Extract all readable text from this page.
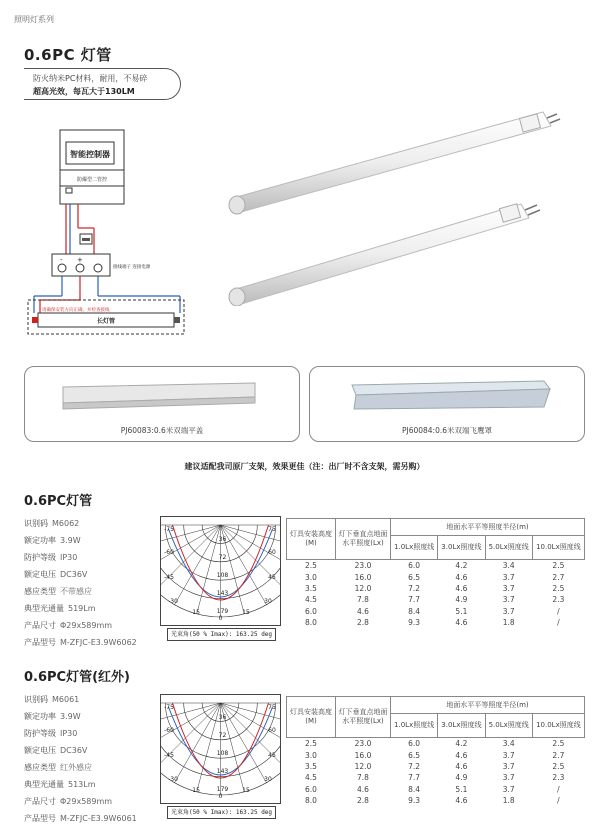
照明灯系列
0.6PC 灯管
防火纳米PC材料，耐用，不易碎
超高光效，每瓦大于130LM
智能控制器
防爆型二管控
- +
接线端子 连接电源
请确保安装方向正确，并检查接线
长灯管
PJ60083:0.6米双端平盖	PJ60084:0.6米双端飞鹰罩
建议适配我司原厂支架，效果更佳（注：出厂时不含支架，需另购）
0.6PC灯管
识别码 M6062
额定功率 3.9W
防护等级 IP30
额定电压 DC36V
感应类型 不带感应
典型光通量 519Lm
产品尺寸 Φ29x589mm
产品型号 M-ZFJC-E3.9W6062
36
72
108
143
179
-75	75
-60	60
-45	45
-30	30
-15
0
15
光束角(50 % Imax): 163.25 deg
灯具安装高度(M)	灯下垂直点地面水平照度(Lx)	地面水平平等照度半径(m)			
		1.0Lx照度线	3.0Lx照度线	5.0Lx照度线	10.0Lx照度线
2.5	23.0	6.0	4.2	3.4	2.5
3.0	16.0	6.5	4.6	3.7	2.7
3.5	12.0	7.2	4.6	3.7	2.5
4.5	7.8	7.7	4.9	3.7	2.3
6.0	4.6	8.4	5.1	3.7	/
8.0	2.8	9.3	4.6	1.8	/
0.6PC灯管(红外)
识别码 M6061
额定功率 3.9W
防护等级 IP30
额定电压 DC36V
感应类型 红外感应
典型光通量 513Lm
产品尺寸 Φ29x589mm
产品型号 M-ZFJC-E3.9W6061
36
72
108
143
179
-75	75
-60	60
-45	45
-30	30
-15
0
15
光束角(50 % Imax): 163.25 deg
灯具安装高度(M)	灯下垂直点地面水平照度(Lx)	地面水平平等照度半径(m)			
		1.0Lx照度线	3.0Lx照度线	5.0Lx照度线	10.0Lx照度线
2.5	23.0	6.0	4.2	3.4	2.5
3.0	16.0	6.5	4.6	3.7	2.7
3.5	12.0	7.2	4.6	3.7	2.5
4.5	7.8	7.7	4.9	3.7	2.3
6.0	4.6	8.4	5.1	3.7	/
8.0	2.8	9.3	4.6	1.8	/
